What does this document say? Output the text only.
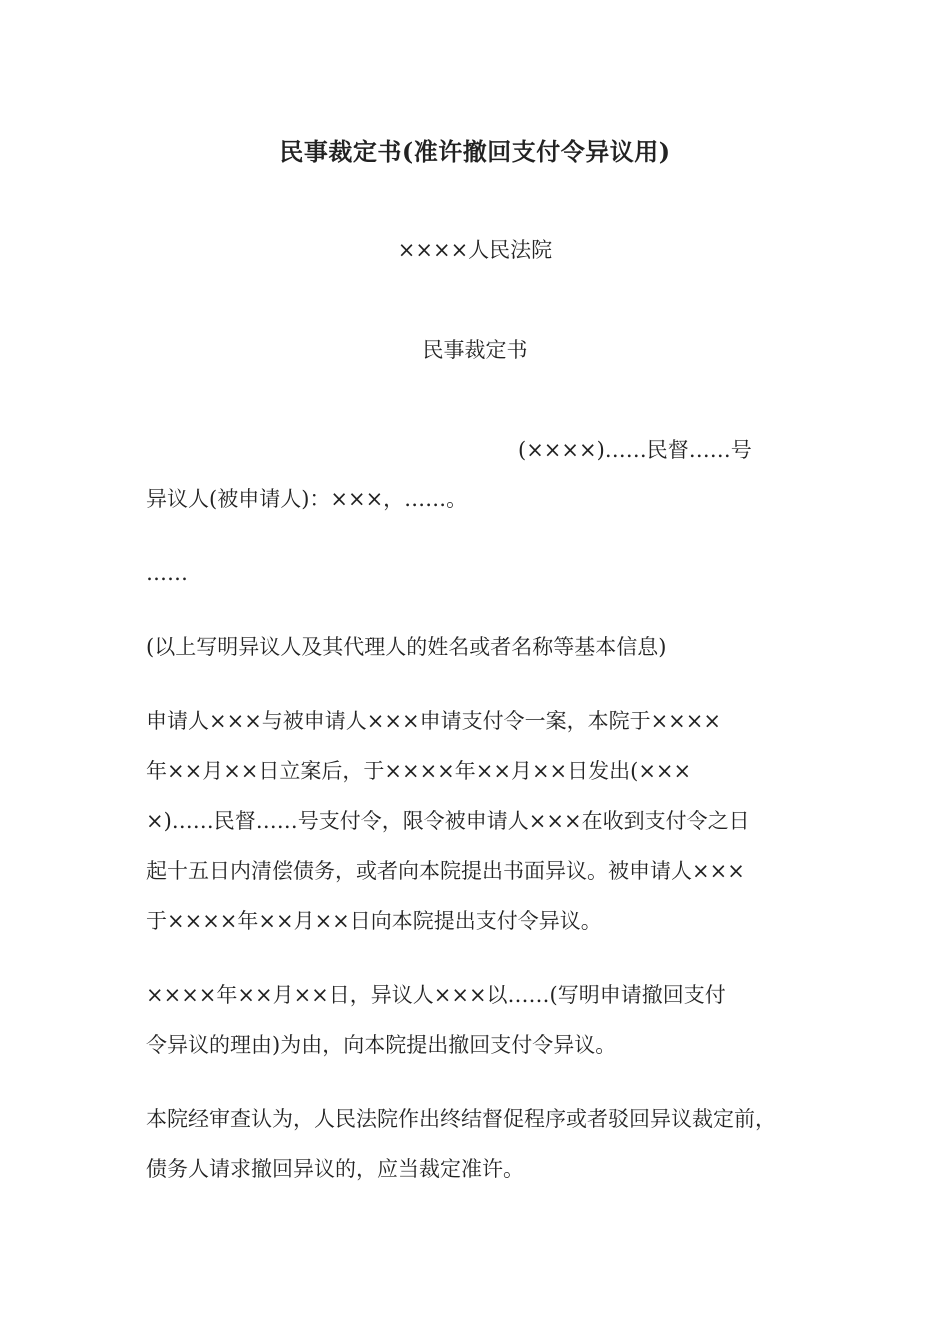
民事裁定书(准许撤回支付令异议用)
××××人民法院
民事裁定书
(××××)……民督……号
异议人(被申请人)：×××，……。
……
(以上写明异议人及其代理人的姓名或者名称等基本信息)
申请人×××与被申请人×××申请支付令一案，本院于××××
年××月××日立案后，于××××年××月××日发出(×××
×)……民督……号支付令，限令被申请人×××在收到支付令之日
起十五日内清偿债务，或者向本院提出书面异议。被申请人×××
于××××年××月××日向本院提出支付令异议。
××××年××月××日，异议人×××以……(写明申请撤回支付
令异议的理由)为由，向本院提出撤回支付令异议。
本院经审查认为，人民法院作出终结督促程序或者驳回异议裁定前，
债务人请求撤回异议的，应当裁定准许。
